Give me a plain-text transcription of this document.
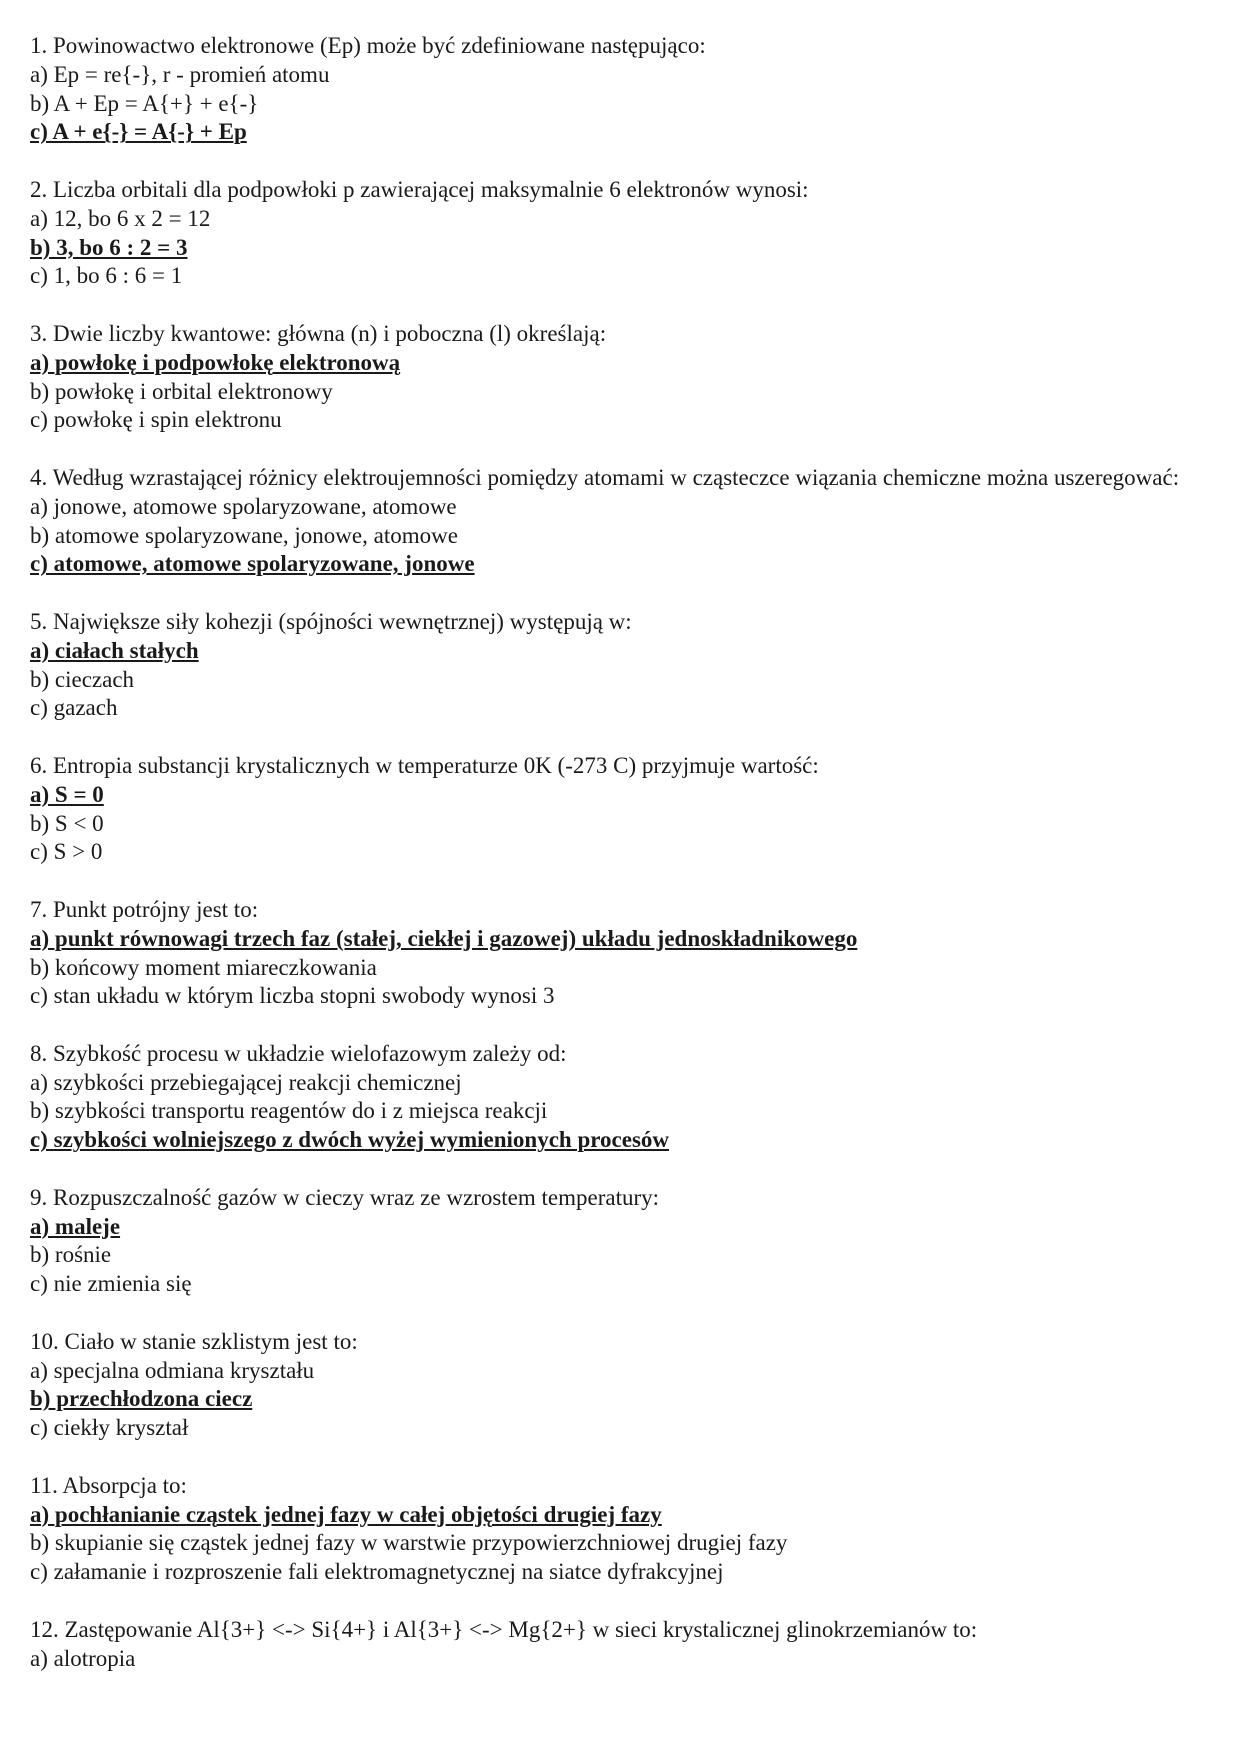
1. Powinowactwo elektronowe (Ep) może być zdefiniowane następująco:
a) Ep = re{-}, r - promień atomu
b) A + Ep = A{+} + e{-}
c) A + e{-} = A{-} + Ep
2. Liczba orbitali dla podpowłoki p zawierającej maksymalnie 6 elektronów wynosi:
a) 12, bo 6 x 2 = 12
b) 3, bo 6 : 2 = 3
c) 1, bo 6 : 6 = 1
3. Dwie liczby kwantowe: główna (n) i poboczna (l) określają:
a) powłokę i podpowłokę elektronową
b) powłokę i orbital elektronowy
c) powłokę i spin elektronu
4. Według wzrastającej różnicy elektroujemności pomiędzy atomami w cząsteczce wiązania chemiczne można uszeregować:
a) jonowe, atomowe spolaryzowane, atomowe
b) atomowe spolaryzowane, jonowe, atomowe
c) atomowe, atomowe spolaryzowane, jonowe
5. Największe siły kohezji (spójności wewnętrznej) występują w:
a) ciałach stałych
b) cieczach
c) gazach
6. Entropia substancji krystalicznych w temperaturze 0K (-273 C) przyjmuje wartość:
a) S = 0
b) S < 0
c) S > 0
7. Punkt potrójny jest to:
a) punkt równowagi trzech faz (stałej, ciekłej i gazowej) układu jednoskładnikowego
b) końcowy moment miareczkowania
c) stan układu w którym liczba stopni swobody wynosi 3
8. Szybkość procesu w układzie wielofazowym zależy od:
a) szybkości przebiegającej reakcji chemicznej
b) szybkości transportu reagentów do i z miejsca reakcji
c) szybkości wolniejszego z dwóch wyżej wymienionych procesów
9. Rozpuszczalność gazów w cieczy wraz ze wzrostem temperatury:
a) maleje
b) rośnie
c) nie zmienia się
10. Ciało w stanie szklistym jest to:
a) specjalna odmiana kryształu
b) przechłodzona ciecz
c) ciekły kryształ
11. Absorpcja to:
a) pochłanianie cząstek jednej fazy w całej objętości drugiej fazy
b) skupianie się cząstek jednej fazy w warstwie przypowierzchniowej drugiej fazy
c) załamanie i rozproszenie fali elektromagnetycznej na siatce dyfrakcyjnej
12. Zastępowanie Al{3+} <-> Si{4+} i Al{3+} <-> Mg{2+} w sieci krystalicznej glinokrzemianów to:
a) alotropia
